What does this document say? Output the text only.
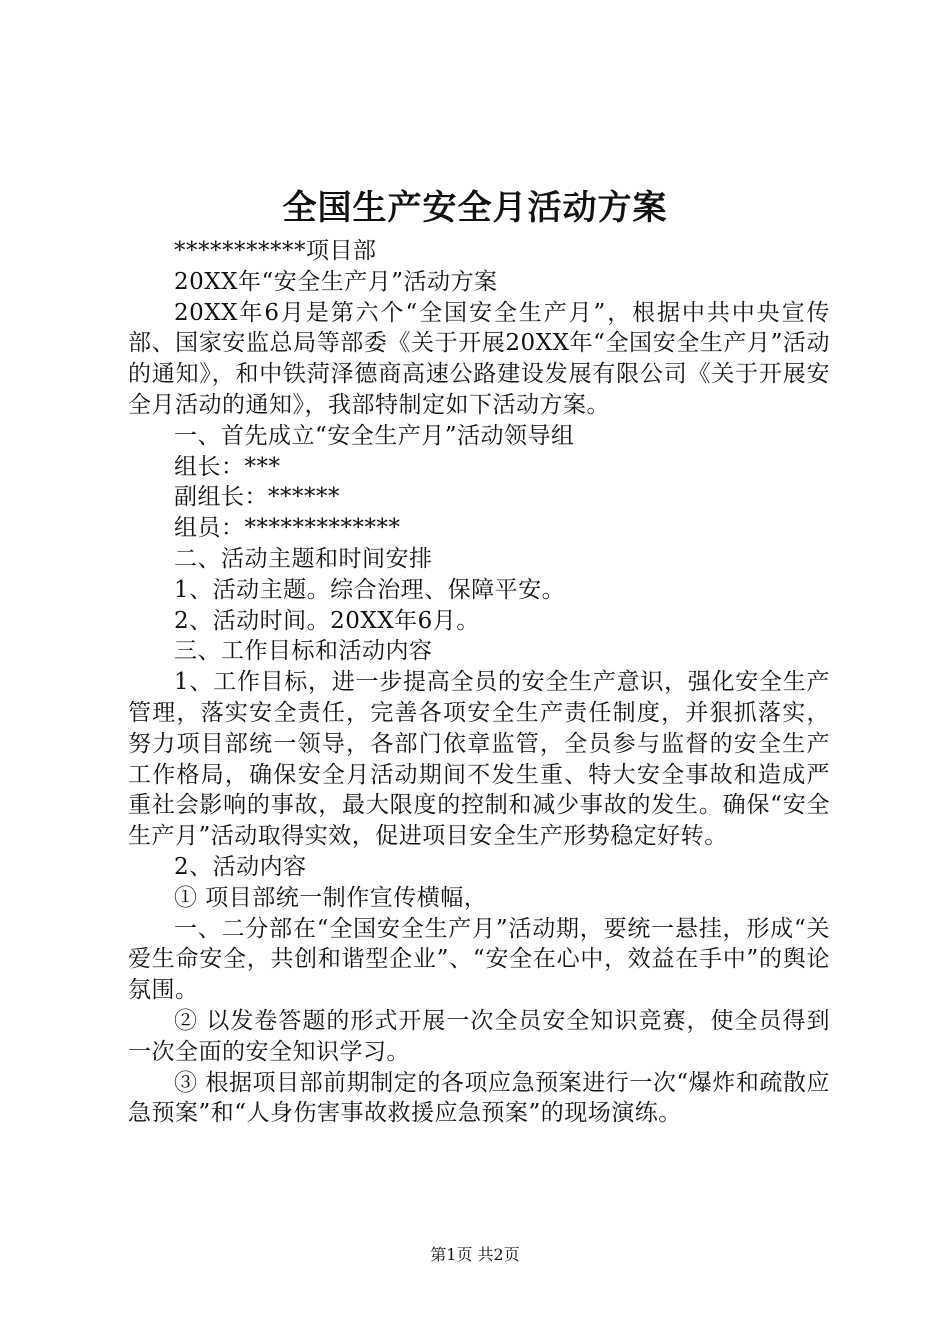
全国生产安全月活动方案

***********项目部

20XX年“安全生产月”活动方案

20XX年6月是第六个“全国安全生产月”，根据中共中央宣传部、国家安监总局等部委《关于开展20XX年“全国安全生产月”活动的通知》，和中铁菏泽德商高速公路建设发展有限公司《关于开展安全月活动的通知》，我部特制定如下活动方案。

一、首先成立“安全生产月”活动领导组

组长：***

副组长：******

组员：*************

二、活动主题和时间安排

1、活动主题。综合治理、保障平安。

2、活动时间。20XX年6月。

三、工作目标和活动内容

1、工作目标，进一步提高全员的安全生产意识，强化安全生产管理，落实安全责任，完善各项安全生产责任制度，并狠抓落实，努力项目部统一领导，各部门依章监管，全员参与监督的安全生产工作格局，确保安全月活动期间不发生重、特大安全事故和造成严重社会影响的事故，最大限度的控制和减少事故的发生。确保“安全生产月”活动取得实效，促进项目安全生产形势稳定好转。

2、活动内容

① 项目部统一制作宣传横幅，

一、二分部在“全国安全生产月”活动期，要统一悬挂，形成“关爱生命安全，共创和谐型企业”、“安全在心中，效益在手中”的舆论氛围。

② 以发卷答题的形式开展一次全员安全知识竞赛，使全员得到一次全面的安全知识学习。

③ 根据项目部前期制定的各项应急预案进行一次“爆炸和疏散应急预案”和“人身伤害事故救援应急预案”的现场演练。

第1页 共2页
